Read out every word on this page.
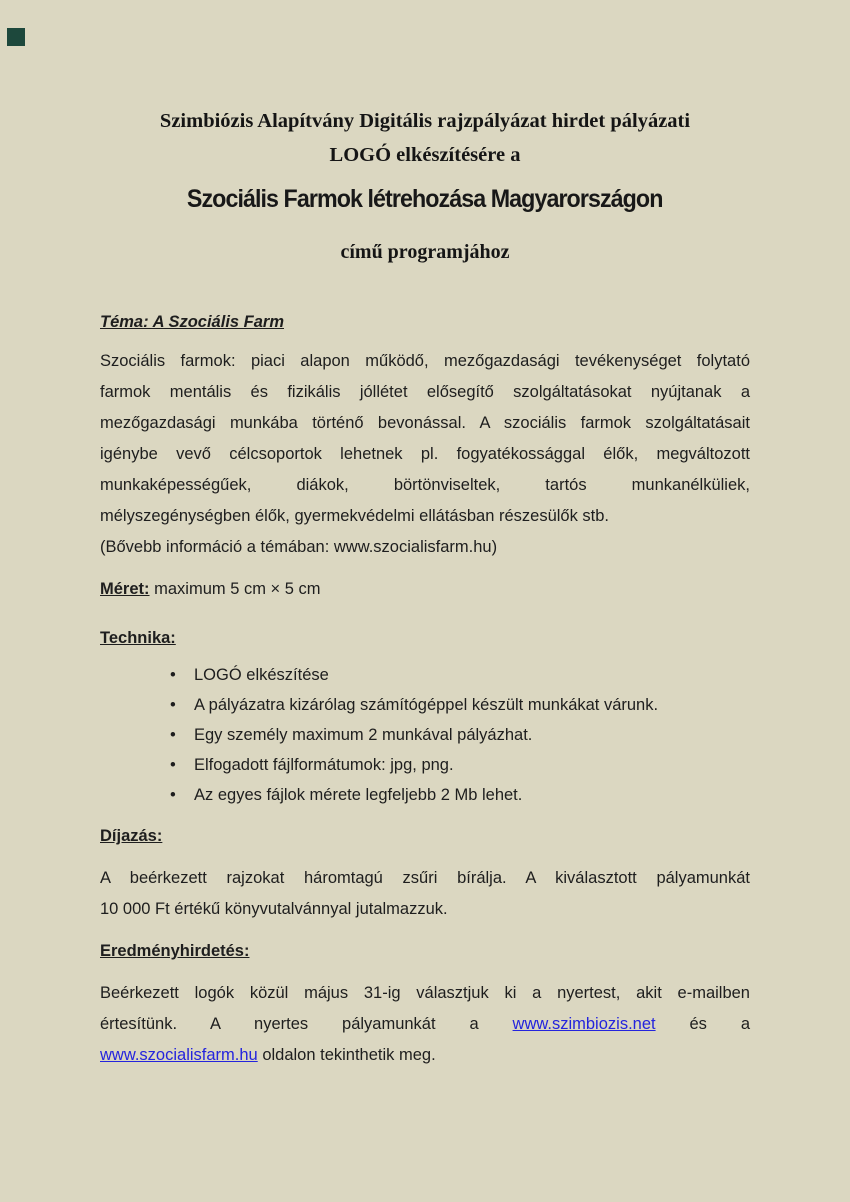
Szimbiózis Alapítvány Digitális rajzpályázat hirdet pályázati
LOGÓ elkészítésére a
Szociális Farmok létrehozása Magyarországon
című programjához
Téma: A Szociális Farm
Szociális farmok: piaci alapon működő, mezőgazdasági tevékenységet folytató
farmok mentális és fizikális jóllétet elősegítő szolgáltatásokat nyújtanak a
mezőgazdasági munkába történő bevonással. A szociális farmok szolgáltatásait
igénybe vevő célcsoportok lehetnek pl. fogyatékossággal élők, megváltozott
munkaképességűek, diákok, börtönviseltek, tartós munkanélküliek,
mélyszegénységben élők, gyermekvédelmi ellátásban részesülők stb.
(Bővebb információ a témában: www.szocialisfarm.hu)
Méret: maximum 5 cm × 5 cm
Technika:
• LOGÓ elkészítése
• A pályázatra kizárólag számítógéppel készült munkákat várunk.
• Egy személy maximum 2 munkával pályázhat.
• Elfogadott fájlformátumok: jpg, png.
• Az egyes fájlok mérete legfeljebb 2 Mb lehet.
Díjazás:
A beérkezett rajzokat háromtagú zsűri bírálja. A kiválasztott pályamunkát
10 000 Ft értékű könyvutalvánnyal jutalmazzuk.
Eredményhirdetés:
Beérkezett logók közül május 31-ig választjuk ki a nyertest, akit e-mailben
értesítünk. A nyertes pályamunkát a www.szimbiozis.net és a
www.szocialisfarm.hu oldalon tekinthetik meg.
